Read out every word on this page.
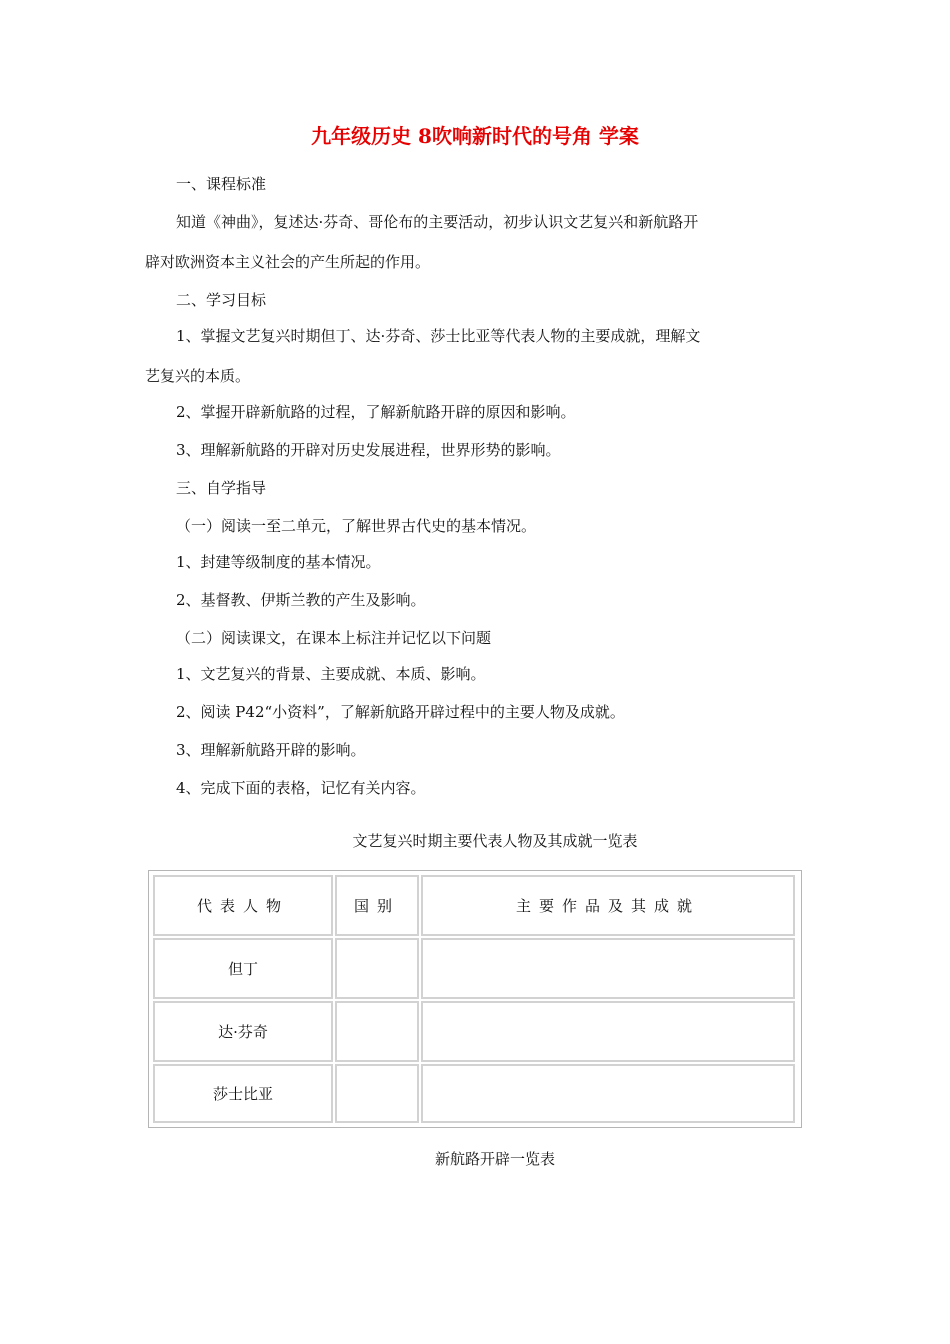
九年级历史 8吹响新时代的号角 学案
一、课程标准
知道《神曲》，复述达·芬奇、哥伦布的主要活动，初步认识文艺复兴和新航路开
辟对欧洲资本主义社会的产生所起的作用。
二、学习目标
1、掌握文艺复兴时期但丁、达·芬奇、莎士比亚等代表人物的主要成就，理解文
艺复兴的本质。
2、掌握开辟新航路的过程，了解新航路开辟的原因和影响。
3、理解新航路的开辟对历史发展进程，世界形势的影响。
三、自学指导
（一）阅读一至二单元，了解世界古代史的基本情况。
1、封建等级制度的基本情况。
2、基督教、伊斯兰教的产生及影响。
（二）阅读课文，在课本上标注并记忆以下问题
1、文艺复兴的背景、主要成就、本质、影响。
2、阅读 P42“小资料”，了解新航路开辟过程中的主要人物及成就。
3、理解新航路开辟的影响。
4、完成下面的表格，记忆有关内容。
文艺复兴时期主要代表人物及其成就一览表
代表人物	国别	主要作品及其成就
但丁
达·芬奇
莎士比亚
新航路开辟一览表
